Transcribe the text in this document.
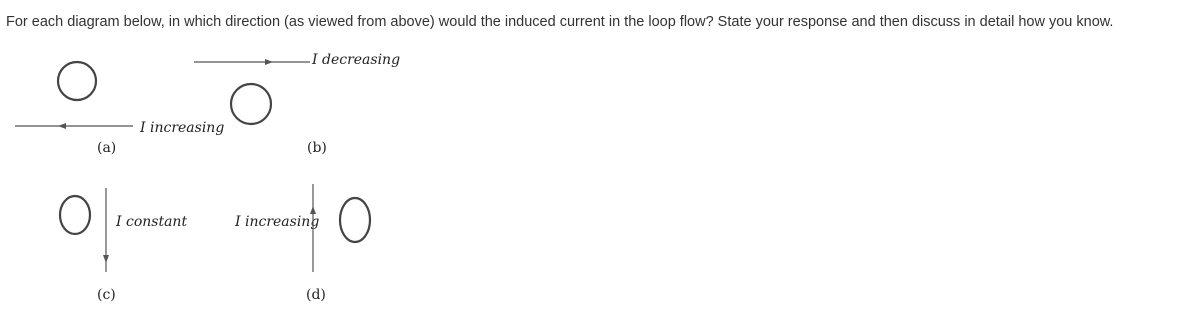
For each diagram below, in which direction (as viewed from above) would the induced current in the loop flow? State your response and then discuss in detail how you know.
I increasing
(a)
I decreasing
(b)
I constant
(c)
I increasing
(d)
